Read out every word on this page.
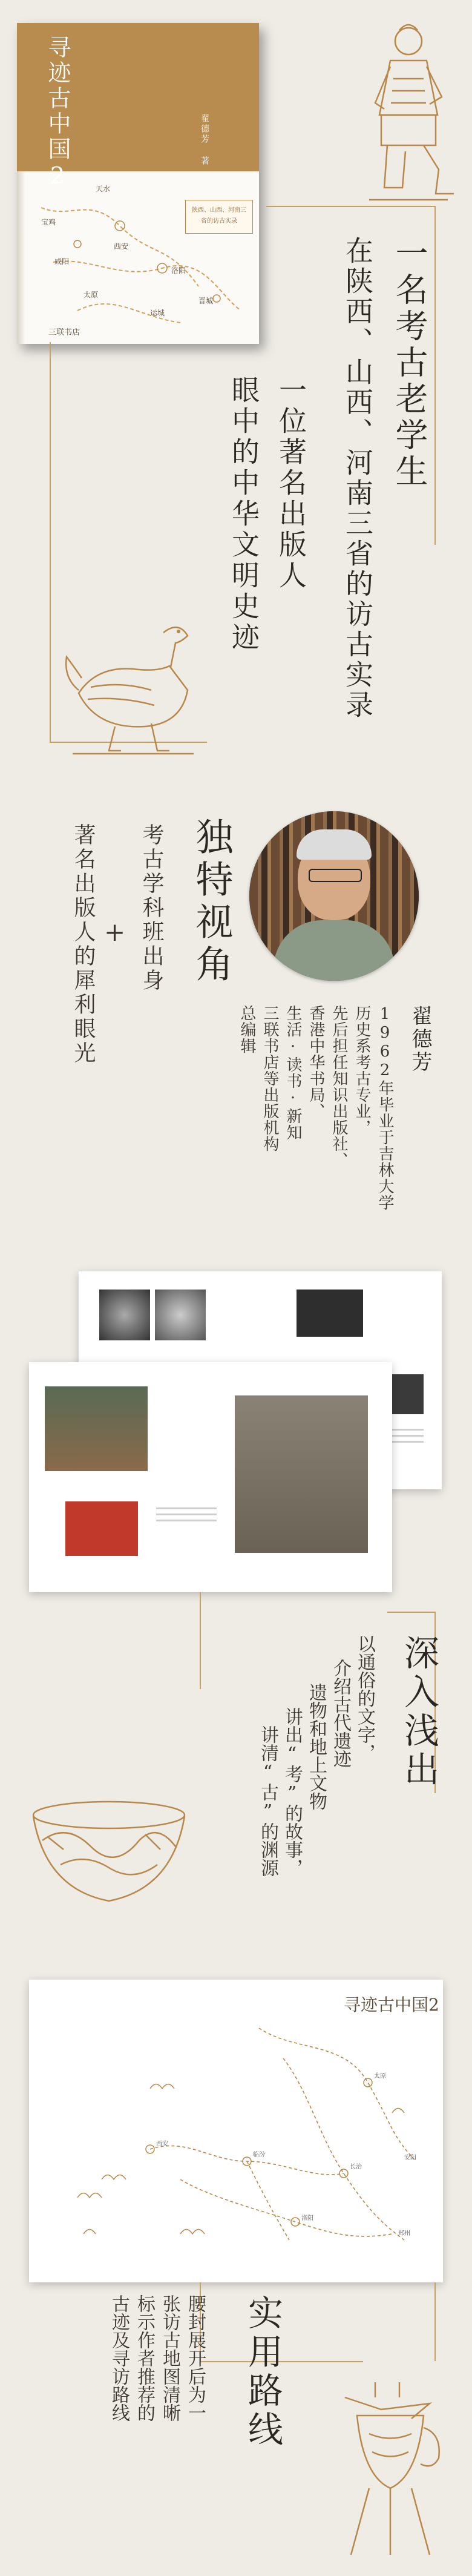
寻迹古中国2	翟德芳 著
陕西、山西、河南三省的访古实录
天水
宝鸡
西安
咸阳
洛阳
晋城
太原
运城
三联书店	一名考古老学生
在陕西、山西、河南三省的访古实录
一位著名出版人
眼中的中华文明史迹
独特视角
考古学科班出身
+
著名出版人的犀利眼光	翟德芳
1962年毕业于吉林大学
历史系考古专业，
先后担任知识出版社、
香港中华书局、
生活·读书·新知
三联书店等出版机构
总编辑
深入浅出
以通俗的文字，
介绍古代遗迹
遗物和地上文物
讲出“考”的故事，
讲清“古”的渊源
寻迹古中国2
太原
长治
临汾
洛阳
西安
郑州
安阳
实用路线
腰封展开后为一
张访古地图清晰
标示作者推荐的
古迹及寻访路线
